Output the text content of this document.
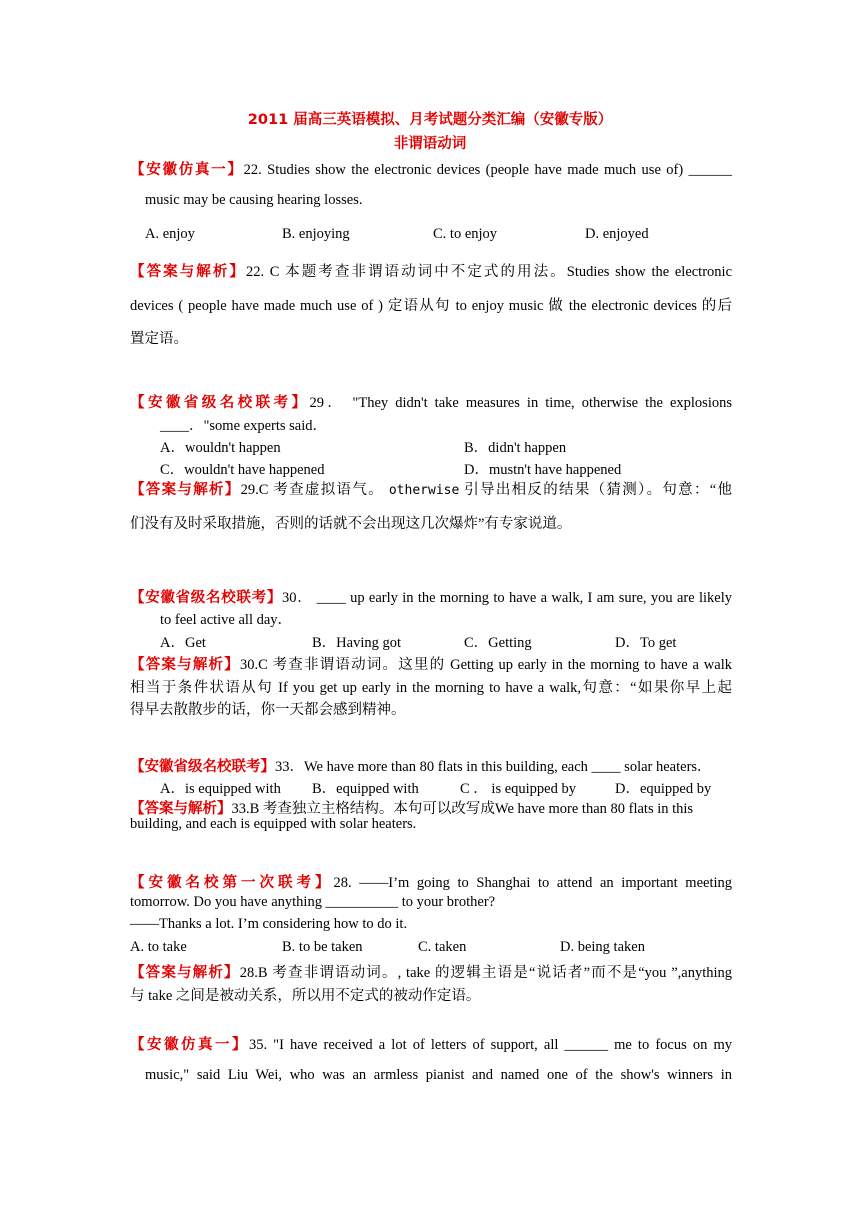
2011 届高三英语模拟、月考试题分类汇编（安徽专版）
非谓语动词
【安徽仿真一】22. Studies show the electronic devices (people have made much use of) ______
music may be causing hearing losses.
A. enjoy	B. enjoying	C. to enjoy	D. enjoyed
【答案与解析】22. C 本题考查非谓语动词中不定式的用法。Studies show the electronic
devices ( people have made much use of ) 定语从句 to enjoy music 做 the electronic devices 的后
置定语。
【安徽省级名校联考】29． "They didn't take measures in time, otherwise the explosions
____．"some experts said．
A．wouldn't happen	B．didn't happen
C．wouldn't have happened	D．mustn't have happened
【答案与解析】29.C 考查虚拟语气。 otherwise 引导出相反的结果（猜测）。句意：“他
们没有及时采取措施，否则的话就不会出现这几次爆炸”有专家说道。
【安徽省级名校联考】30． ____ up early in the morning to have a walk, I am sure, you are likely
to feel active all day．
A．Get	B．Having got	C．Getting	D．To get
【答案与解析】30.C 考查非谓语动词。这里的 Getting up early in the morning to have a walk
相当于条件状语从句 If you get up early in the morning to have a walk,句意：“如果你早上起
得早去散散步的话，你一天都会感到精神。
【安徽省级名校联考】33．We have more than 80 flats in this building, each ____ solar heaters．
A．is equipped with B．equipped with	C ． is equipped by	D．equipped by
【答案与解析】33.B 考查独立主格结构。本句可以改写成We have more than 80 flats in this
building, and each is equipped with solar heaters.
【安徽名校第一次联考】28. ——I’m going to Shanghai to attend an important meeting
tomorrow. Do you have anything __________ to your brother?
——Thanks a lot. I’m considering how to do it.
A. to take	B. to be taken	C. taken	D. being taken
【答案与解析】28.B 考查非谓语动词。, take 的逻辑主语是“说话者”而不是“you ”,anything
与 take 之间是被动关系，所以用不定式的被动作定语。
【安徽仿真一】35. "I have received a lot of letters of support, all ______ me to focus on my
music," said Liu Wei, who was an armless pianist and named one of the show's winners in
